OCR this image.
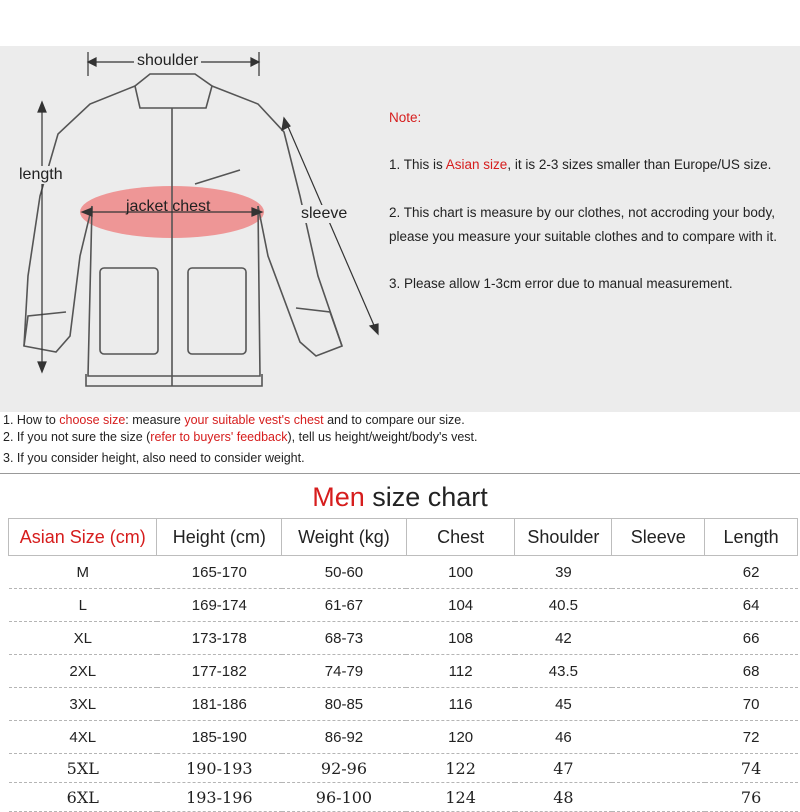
shoulder
length
jacket chest	sleeve
Note:
1. This is Asian size, it is 2-3 sizes smaller than Europe/US size.
2. This chart is measure by our clothes, not accroding your body,
please you measure your suitable clothes and to compare with it.
3. Please allow 1-3cm error due to manual measurement.
1. How to choose size: measure your suitable vest's chest and to compare our size.
2. If you not sure the size (refer to buyers' feedback), tell us height/weight/body's vest.
3. If you consider height, also need to consider weight.
Men size chart
Asian Size (cm)	Height (cm)	Weight (kg)	Chest	Shoulder	Sleeve	Length
M	165-170	50-60	100	39		62
L	169-174	61-67	104	40.5		64
XL	173-178	68-73	108	42		66
2XL	177-182	74-79	112	43.5		68
3XL	181-186	80-85	116	45		70
4XL	185-190	86-92	120	46		72
5XL	190-193	92-96	122	47		74
6XL	193-196	96-100	124	48		76
